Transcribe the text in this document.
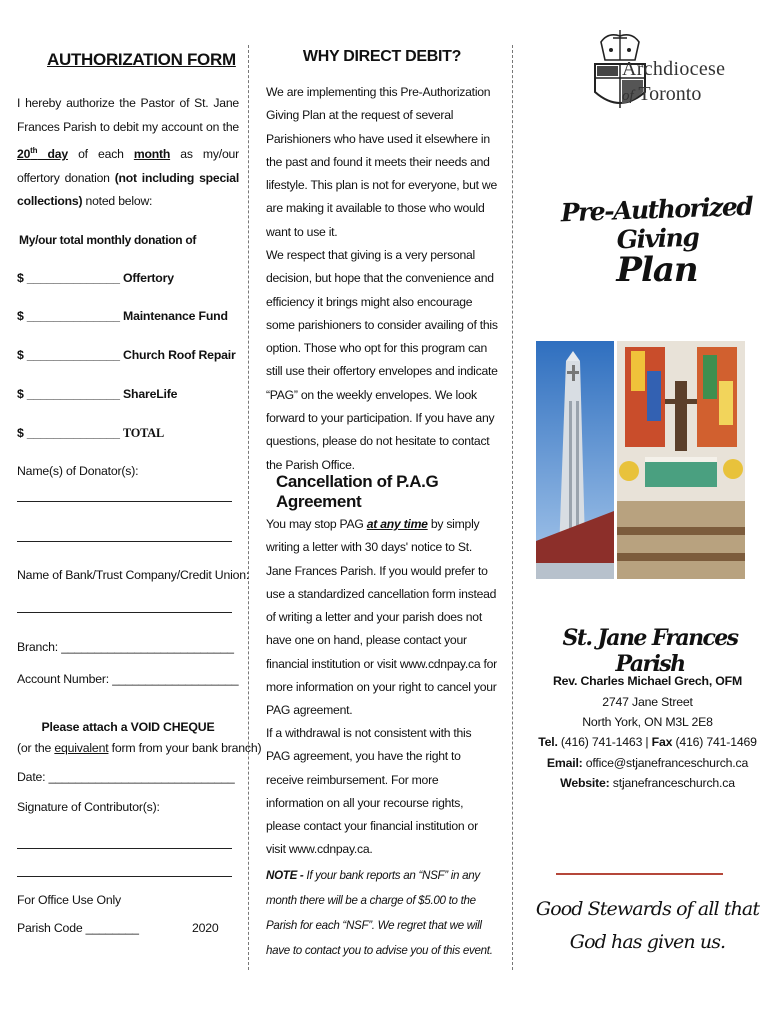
AUTHORIZATION FORM
I hereby authorize the Pastor of St. Jane Frances Parish to debit my account on the 20th day of each month as my/our offertory donation (not including special collections) noted below:
My/our total monthly donation of
$ ______________ Offertory
$ ______________ Maintenance Fund
$ ______________ Church Roof Repair
$ ______________ ShareLife
$ ______________ TOTAL
Name(s) of Donator(s):
Name of Bank/Trust Company/Credit Union:
Branch: __________________________
Account Number: ___________________
Please attach a VOID CHEQUE
(or the equivalent form from your bank branch)
Date: ____________________________
Signature of Contributor(s):
For Office Use Only
Parish Code ________	2020
WHY DIRECT DEBIT?
We are implementing this Pre-Authorization Giving Plan at the request of several Parishioners who have used it elsewhere in the past and found it meets their needs and lifestyle. This plan is not for everyone, but we are making it available to those who would want to use it.
We respect that giving is a very personal decision, but hope that the convenience and efficiency it brings might also encourage some parishioners to consider availing of this option. Those who opt for this program can still use their offertory envelopes and indicate “PAG” on the weekly envelopes. We look forward to your participation. If you have any questions, please do not hesitate to contact the Parish Office.
Cancellation of P.A.G Agreement
You may stop PAG at any time by simply writing a letter with 30 days' notice to St. Jane Frances Parish. If you would prefer to use a standardized cancellation form instead of writing a letter and your parish does not have one on hand, please contact your financial institution or visit www.cdnpay.ca for more information on your right to cancel your PAG agreement.
If a withdrawal is not consistent with this PAG agreement, you have the right to receive reimbursement. For more information on all your recourse rights, please contact your financial institution or visit www.cdnpay.ca.
NOTE - If your bank reports an “NSF” in any month there will be a charge of $5.00 to the Parish for each “NSF”. We regret that we will have to contact you to advise you of this event.
Archdiocese
of Toronto
Pre-Authorized Giving
Plan
St. Jane Frances Parish
Rev. Charles Michael Grech, OFM
2747 Jane Street
North York, ON M3L 2E8
Tel. (416) 741-1463 | Fax (416) 741-1469
Email: office@stjanefranceschurch.ca
Website: stjanefranceschurch.ca
Good Stewards of all that
God has given us.
